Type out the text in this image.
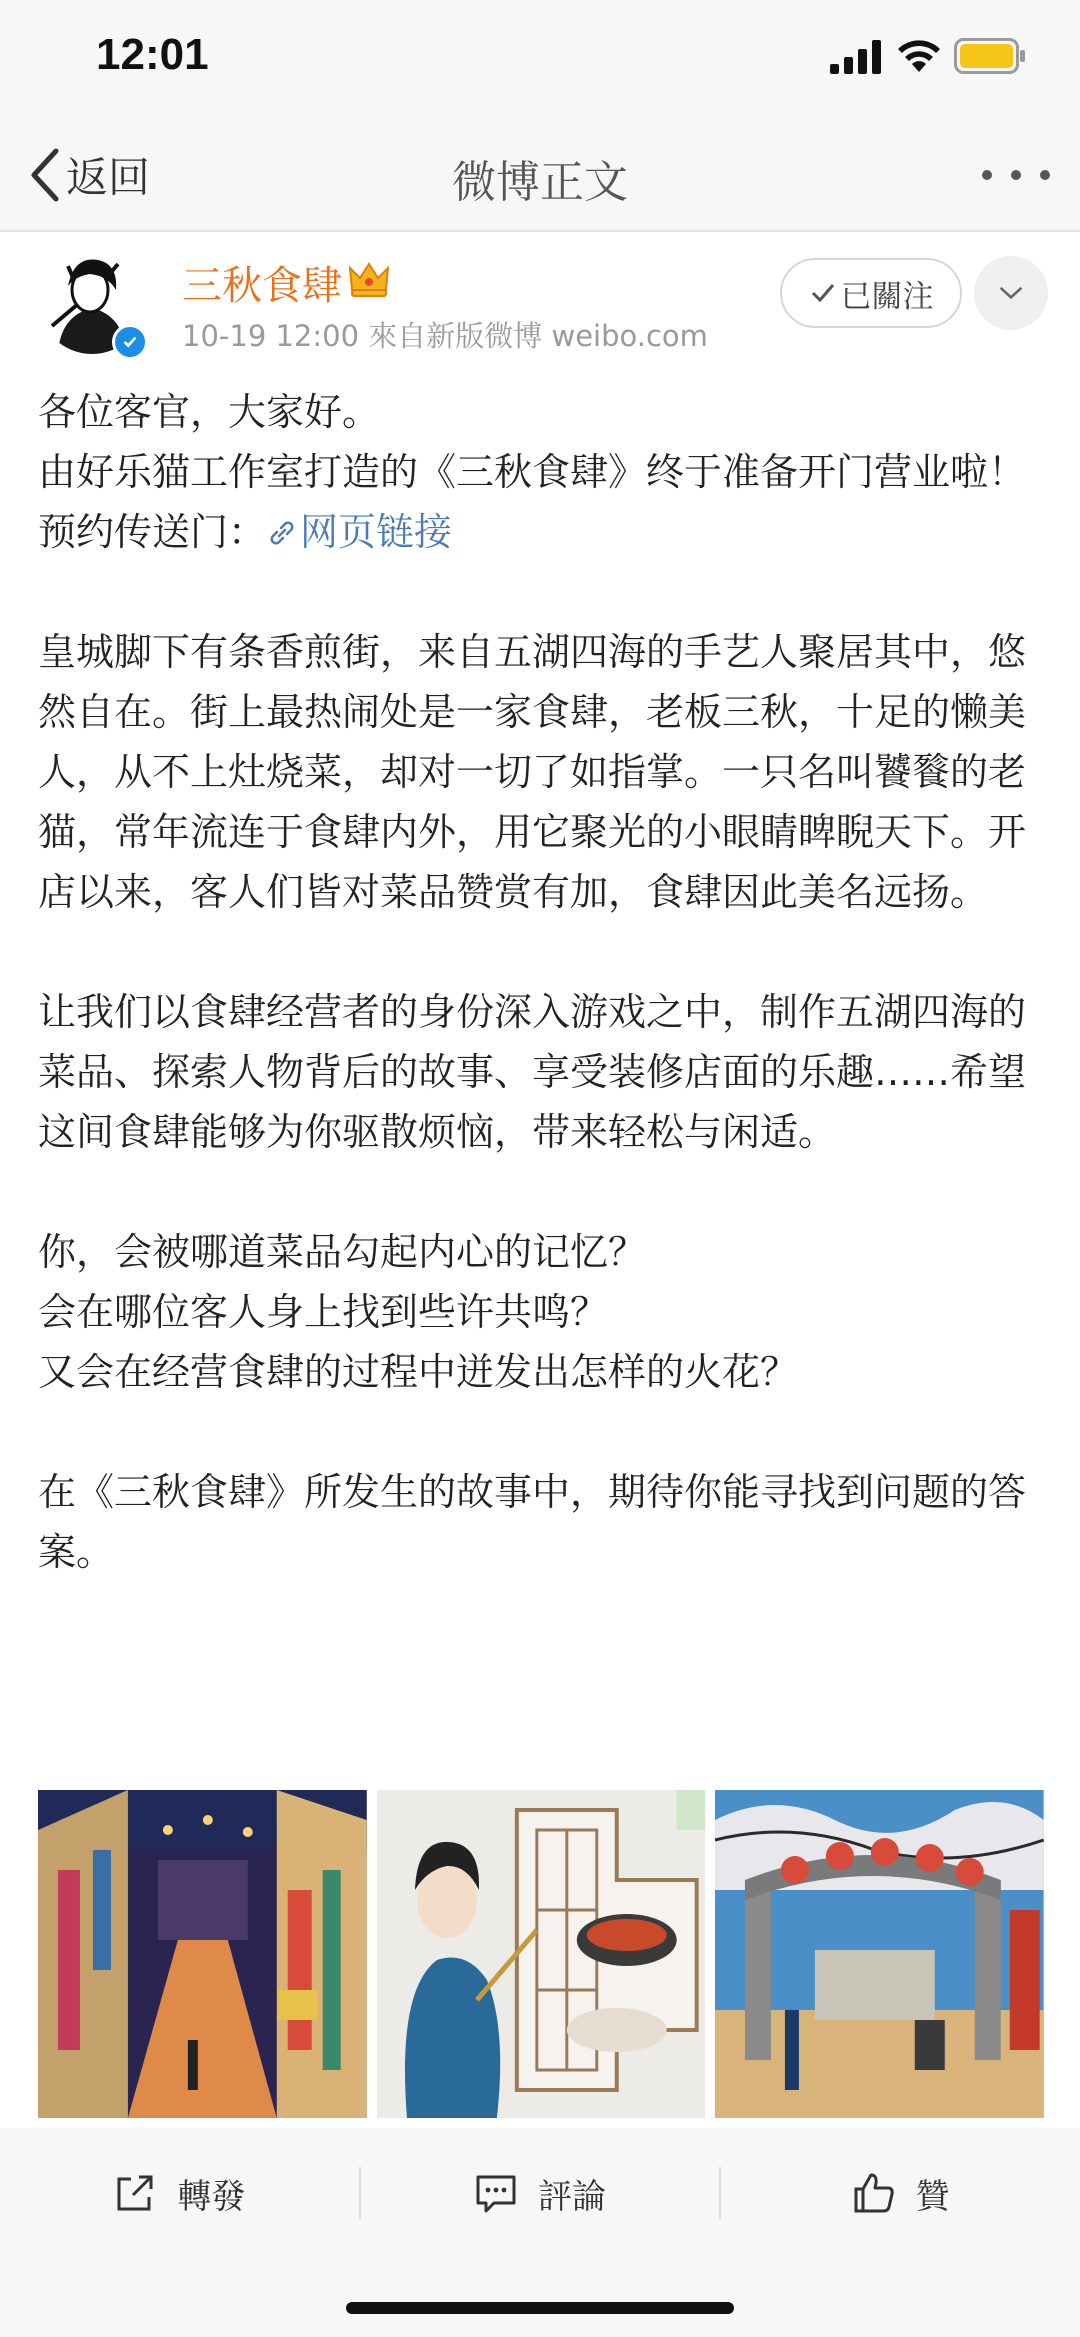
12:01
返回	微博正文
三秋食肆
10-19 12:00 來自新版微博 weibo.com
已關注

各位客官，大家好。

由好乐猫工作室打造的《三秋食肆》终于准备开门营业啦！

预约传送门： 网页链接

皇城脚下有条香煎街，来自五湖四海的手艺人聚居其中，悠然自在。街上最热闹处是一家食肆，老板三秋，十足的懒美人，从不上灶烧菜，却对一切了如指掌。一只名叫饕餮的老猫，常年流连于食肆内外，用它聚光的小眼睛睥睨天下。开店以来，客人们皆对菜品赞赏有加，食肆因此美名远扬。

让我们以食肆经营者的身份深入游戏之中，制作五湖四海的菜品、探索人物背后的故事、享受装修店面的乐趣……希望这间食肆能够为你驱散烦恼，带来轻松与闲适。

你，会被哪道菜品勾起内心的记忆？

会在哪位客人身上找到些许共鸣？

又会在经营食肆的过程中迸发出怎样的火花？

在《三秋食肆》所发生的故事中，期待你能寻找到问题的答案。

轉發	評論	贊
